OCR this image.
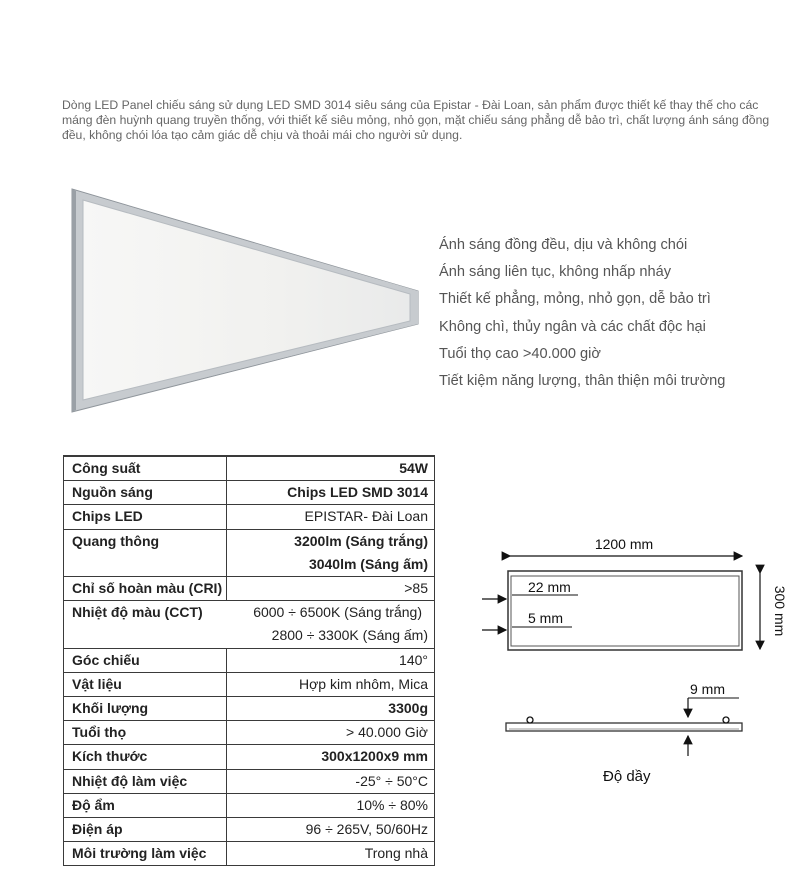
Dòng LED Panel chiếu sáng sử dụng LED SMD 3014 siêu sáng của Epistar - Đài Loan, sản phẩm được thiết kế thay thế cho các máng đèn huỳnh quang truyền thống, với thiết kế siêu mỏng, nhỏ gọn, mặt chiếu sáng phẳng dễ bảo trì, chất lượng ánh sáng đồng đều, không chói lóa tạo cảm giác dễ chịu và thoải mái cho người sử dụng.
Ánh sáng đồng đều, dịu và không chói
Ánh sáng liên tục, không nhấp nháy
Thiết kế phẳng, mỏng, nhỏ gọn, dễ bảo trì
Không chì, thủy ngân và các chất độc hại
Tuổi thọ cao >40.000 giờ
Tiết kiệm năng lượng, thân thiện môi trường
Công suất	54W
Nguồn sáng	Chips LED SMD 3014
Chips LED	EPISTAR- Đài Loan
Quang thông	3200lm (Sáng trắng)
3040lm (Sáng ấm)

Chỉ số hoàn màu (CRI)	>85

Nhiệt độ màu (CCT) 6000 ÷ 6500K (Sáng trắng)
2800 ÷ 3300K (Sáng ấm)	

Góc chiếu	140°
Vật liệu	Hợp kim nhôm, Mica
Khối lượng	3300g
Tuổi thọ	> 40.000 Giờ
Kích thước	300x1200x9 mm
Nhiệt độ làm việc	-25° ÷ 50°C
Độ ẩm	10% ÷ 80%
Điện áp	96 ÷ 265V, 50/60Hz
Môi trường làm việc	Trong nhà
1200 mm
300 mm
22 mm
5 mm
9 mm
Độ dầy
